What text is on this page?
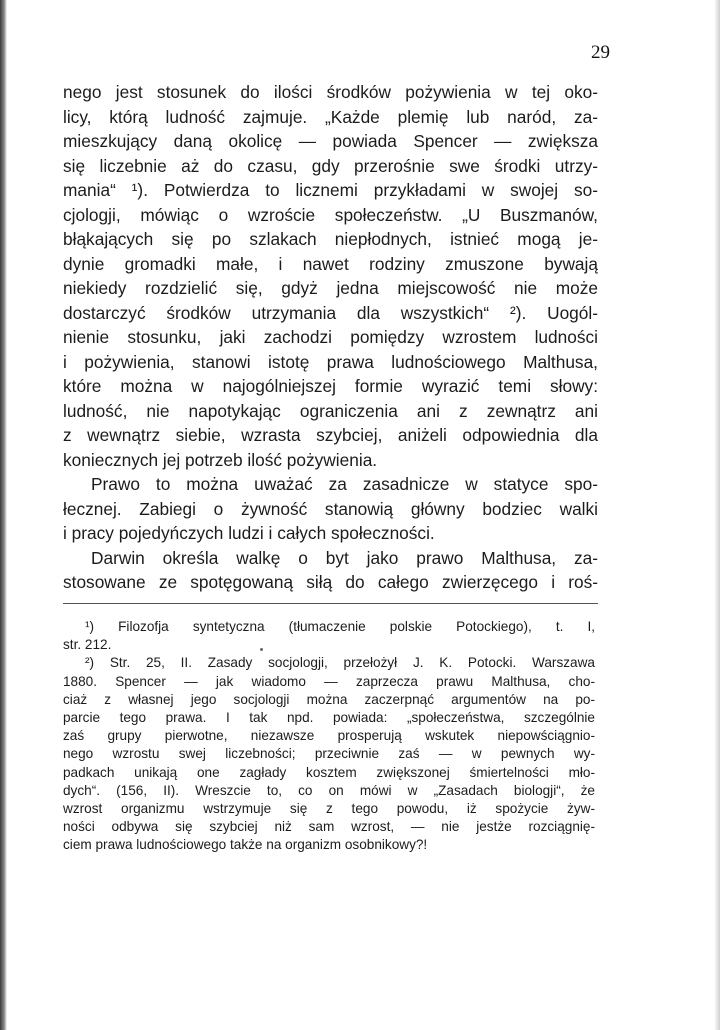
29
nego jest stosunek do ilości środków pożywienia w tej oko-
licy, którą ludność zajmuje. „Każde plemię lub naród, za-
mieszkujący daną okolicę — powiada Spencer — zwiększa
się liczebnie aż do czasu, gdy przerośnie swe środki utrzy-
mania“ ¹). Potwierdza to licznemi przykładami w swojej so-
cjologji, mówiąc o wzroście społeczeństw. „U Buszmanów,
błąkających się po szlakach niepłodnych, istnieć mogą je-
dynie gromadki małe, i nawet rodziny zmuszone bywają
niekiedy rozdzielić się, gdyż jedna miejscowość nie może
dostarczyć środków utrzymania dla wszystkich“ ²). Uogól-
nienie stosunku, jaki zachodzi pomiędzy wzrostem ludności
i pożywienia, stanowi istotę prawa ludnościowego Malthusa,
które można w najogólniejszej formie wyrazić temi słowy:
ludność, nie napotykając ograniczenia ani z zewnątrz ani
z wewnątrz siebie, wzrasta szybciej, aniżeli odpowiednia dla
koniecznych jej potrzeb ilość pożywienia.
Prawo to można uważać za zasadnicze w statyce spo-
łecznej. Zabiegi o żywność stanowią główny bodziec walki
i pracy pojedyńczych ludzi i całych społeczności.
Darwin określa walkę o byt jako prawo Malthusa, za-
stosowane ze spotęgowaną siłą do całego zwierzęcego i roś-
¹) Filozofja syntetyczna (tłumaczenie polskie Potockiego), t. I,
str. 212.
²) Str. 25, II. Zasady socjologji, przełożył J. K. Potocki. Warszawa
1880. Spencer — jak wiadomo — zaprzecza prawu Malthusa, cho-
ciaż z własnej jego socjologji można zaczerpnąć argumentów na po-
parcie tego prawa. I tak npd. powiada: „społeczeństwa, szczególnie
zaś grupy pierwotne, niezawsze prosperują wskutek niepowściągnio-
nego wzrostu swej liczebności; przeciwnie zaś — w pewnych wy-
padkach unikają one zagłady kosztem zwiększonej śmiertelności mło-
dych“. (156, II). Wreszcie to, co on mówi w „Zasadach biologji“, że
wzrost organizmu wstrzymuje się z tego powodu, iż spożycie żyw-
ności odbywa się szybciej niż sam wzrost, — nie jestże rozciągnię-
ciem prawa ludnościowego także na organizm osobnikowy?!
